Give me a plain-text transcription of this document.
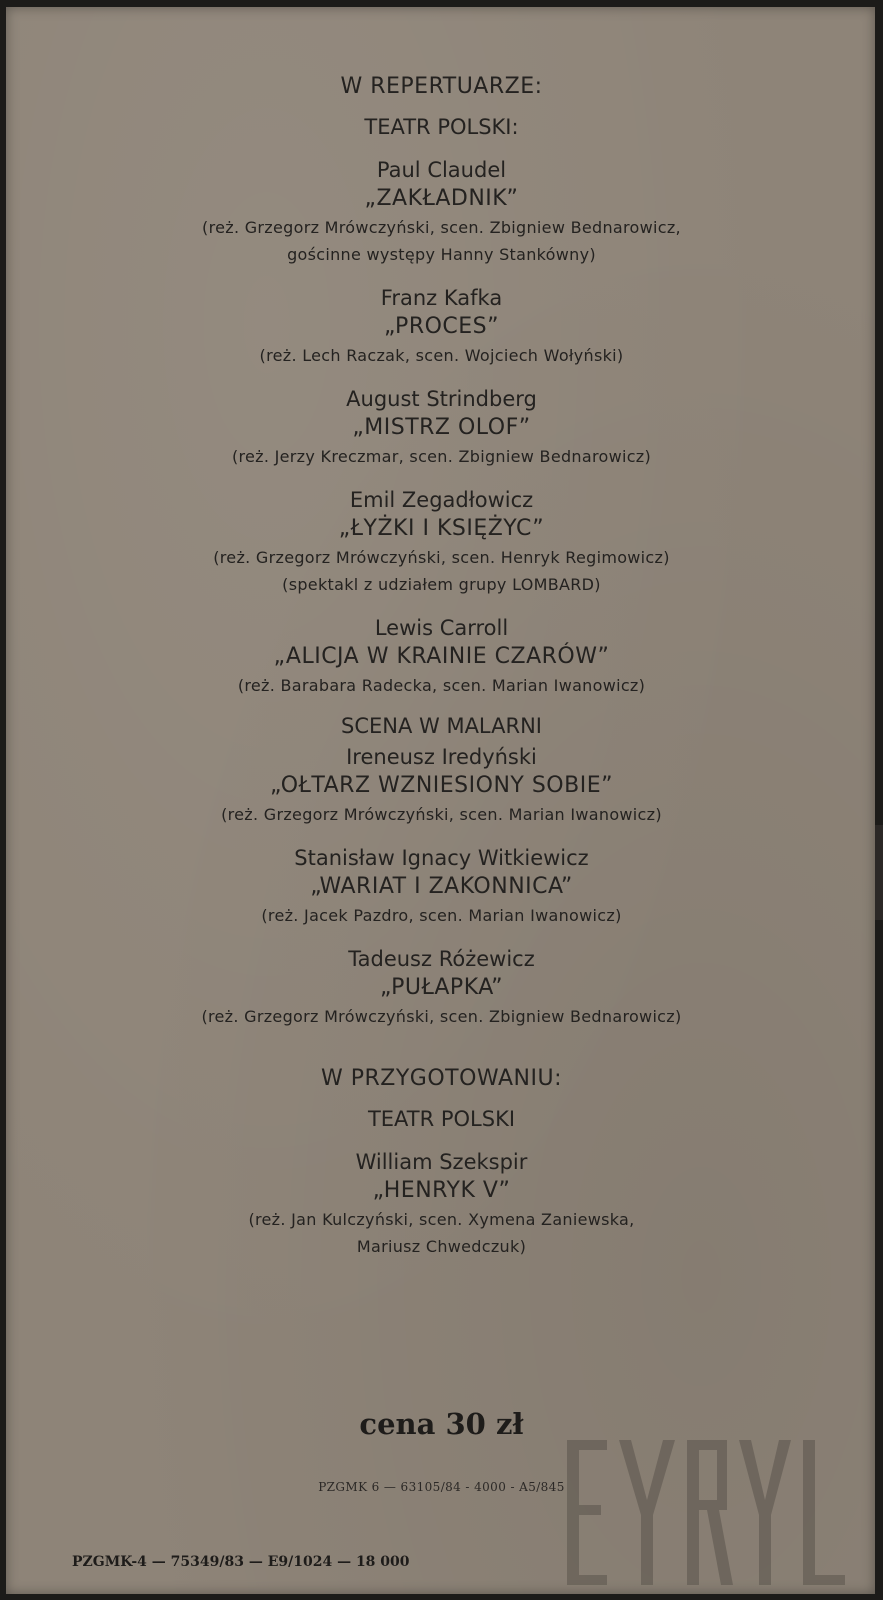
W REPERTUARZE:
TEATR POLSKI:
Paul Claudel
„ZAKŁADNIK”
(reż. Grzegorz Mrówczyński, scen. Zbigniew Bednarowicz,
gościnne występy Hanny Stankówny)
Franz Kafka
„PROCES”
(reż. Lech Raczak, scen. Wojciech Wołyński)
August Strindberg
„MISTRZ OLOF”
(reż. Jerzy Kreczmar, scen. Zbigniew Bednarowicz)
Emil Zegadłowicz
„ŁYŻKI I KSIĘŻYC”
(reż. Grzegorz Mrówczyński, scen. Henryk Regimowicz)
(spektakl z udziałem grupy LOMBARD)
Lewis Carroll
„ALICJA W KRAINIE CZARÓW”
(reż. Barabara Radecka, scen. Marian Iwanowicz)
SCENA W MALARNI
Ireneusz Iredyński
„OŁTARZ WZNIESIONY SOBIE”
(reż. Grzegorz Mrówczyński, scen. Marian Iwanowicz)
Stanisław Ignacy Witkiewicz
„WARIAT I ZAKONNICA”
(reż. Jacek Pazdro, scen. Marian Iwanowicz)
Tadeusz Różewicz
„PUŁAPKA”
(reż. Grzegorz Mrówczyński, scen. Zbigniew Bednarowicz)
W PRZYGOTOWANIU:
TEATR POLSKI
William Szekspir
„HENRYK V”
(reż. Jan Kulczyński, scen. Xymena Zaniewska,
Mariusz Chwedczuk)
cena 30 zł
PZGMK 6 — 63105/84 - 4000 - A5/845
PZGMK-4 — 75349/83 — E9/1024 — 18 000
